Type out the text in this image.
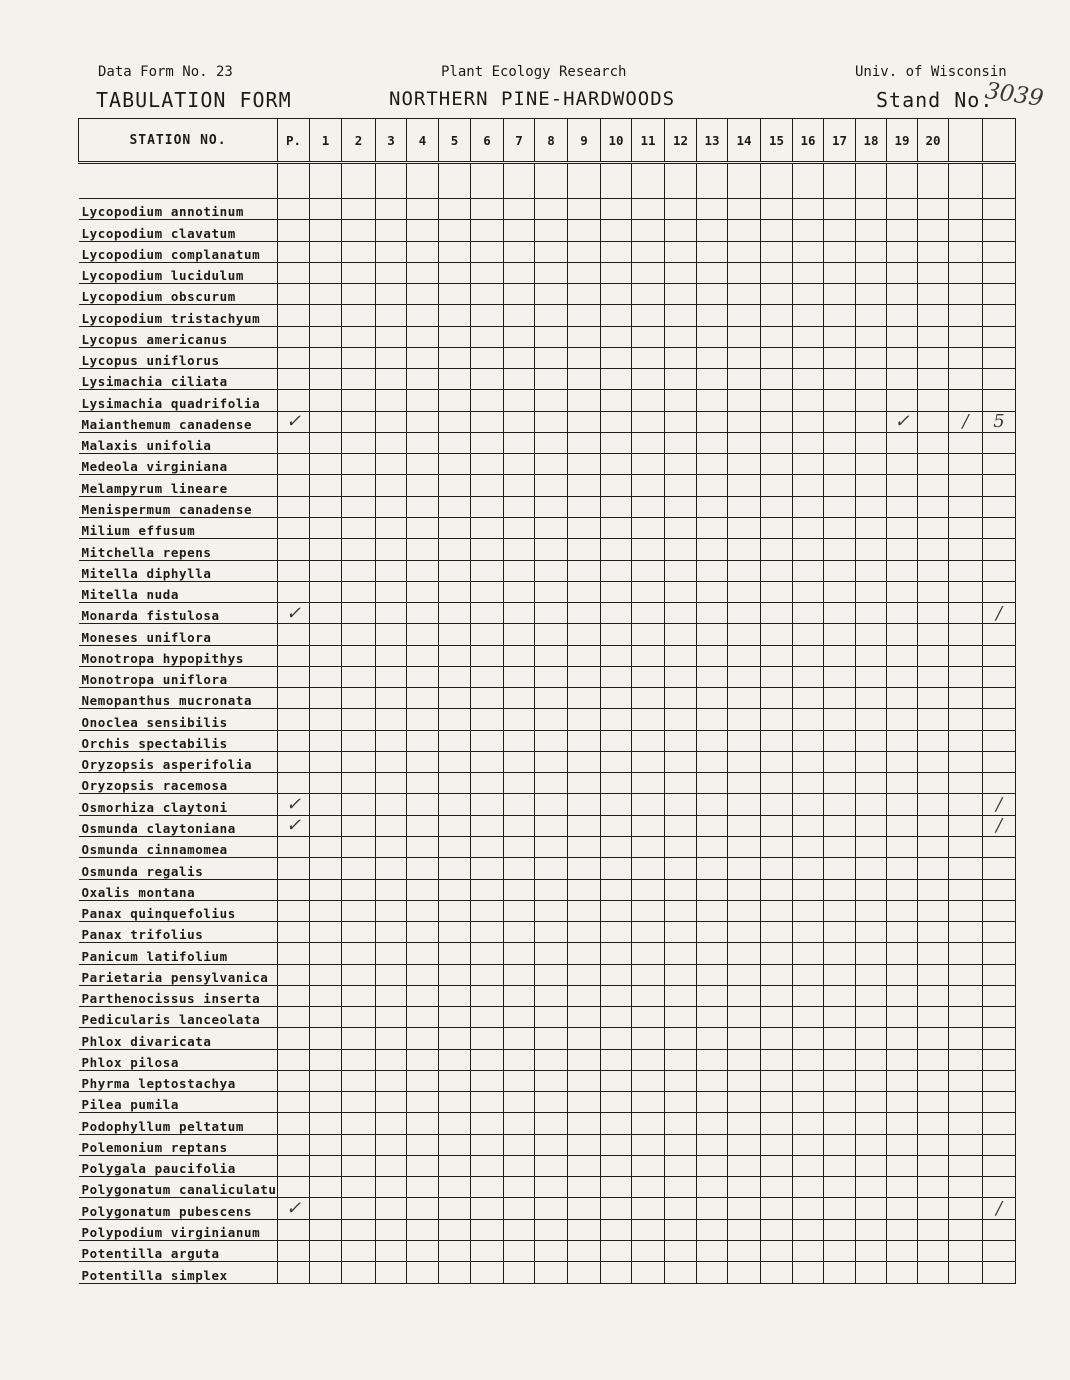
Data Form No. 23	Plant Ecology Research	Univ. of Wisconsin
TABULATION FORM	NORTHERN PINE-HARDWOODS	Stand No.
3039
STATION NO.	P.	1	2	3	4	5	6	7	8	9	10	11	12	13	14	15	16	17	18	19	20		

Lycopodium annotinum																							
Lycopodium clavatum																							
Lycopodium complanatum																							
Lycopodium lucidulum																							
Lycopodium obscurum																							
Lycopodium tristachyum																							
Lycopus americanus																							
Lycopus uniflorus																							
Lysimachia ciliata																							
Lysimachia quadrifolia																							
Maianthemum canadense	✓																			✓		/	5
Malaxis unifolia																							
Medeola virginiana																							
Melampyrum lineare																							
Menispermum canadense																							
Milium effusum																							
Mitchella repens																							
Mitella diphylla																							
Mitella nuda																							
Monarda fistulosa	✓																						/
Moneses uniflora																							
Monotropa hypopithys																							
Monotropa uniflora																							
Nemopanthus mucronata																							
Onoclea sensibilis																							
Orchis spectabilis																							
Oryzopsis asperifolia																							
Oryzopsis racemosa																							
Osmorhiza claytoni	✓																						/
Osmunda claytoniana	✓																						/
Osmunda cinnamomea																							
Osmunda regalis																							
Oxalis montana																							
Panax quinquefolius																							
Panax trifolius																							
Panicum latifolium																							
Parietaria pensylvanica																							
Parthenocissus inserta																							
Pedicularis lanceolata																							
Phlox divaricata																							
Phlox pilosa																							
Phyrma leptostachya																							
Pilea pumila																							
Podophyllum peltatum																							
Polemonium reptans																							
Polygala paucifolia																							
Polygonatum canaliculatu																							
Polygonatum pubescens	✓																						/
Polypodium virginianum																							
Potentilla arguta																							
Potentilla simplex																							
